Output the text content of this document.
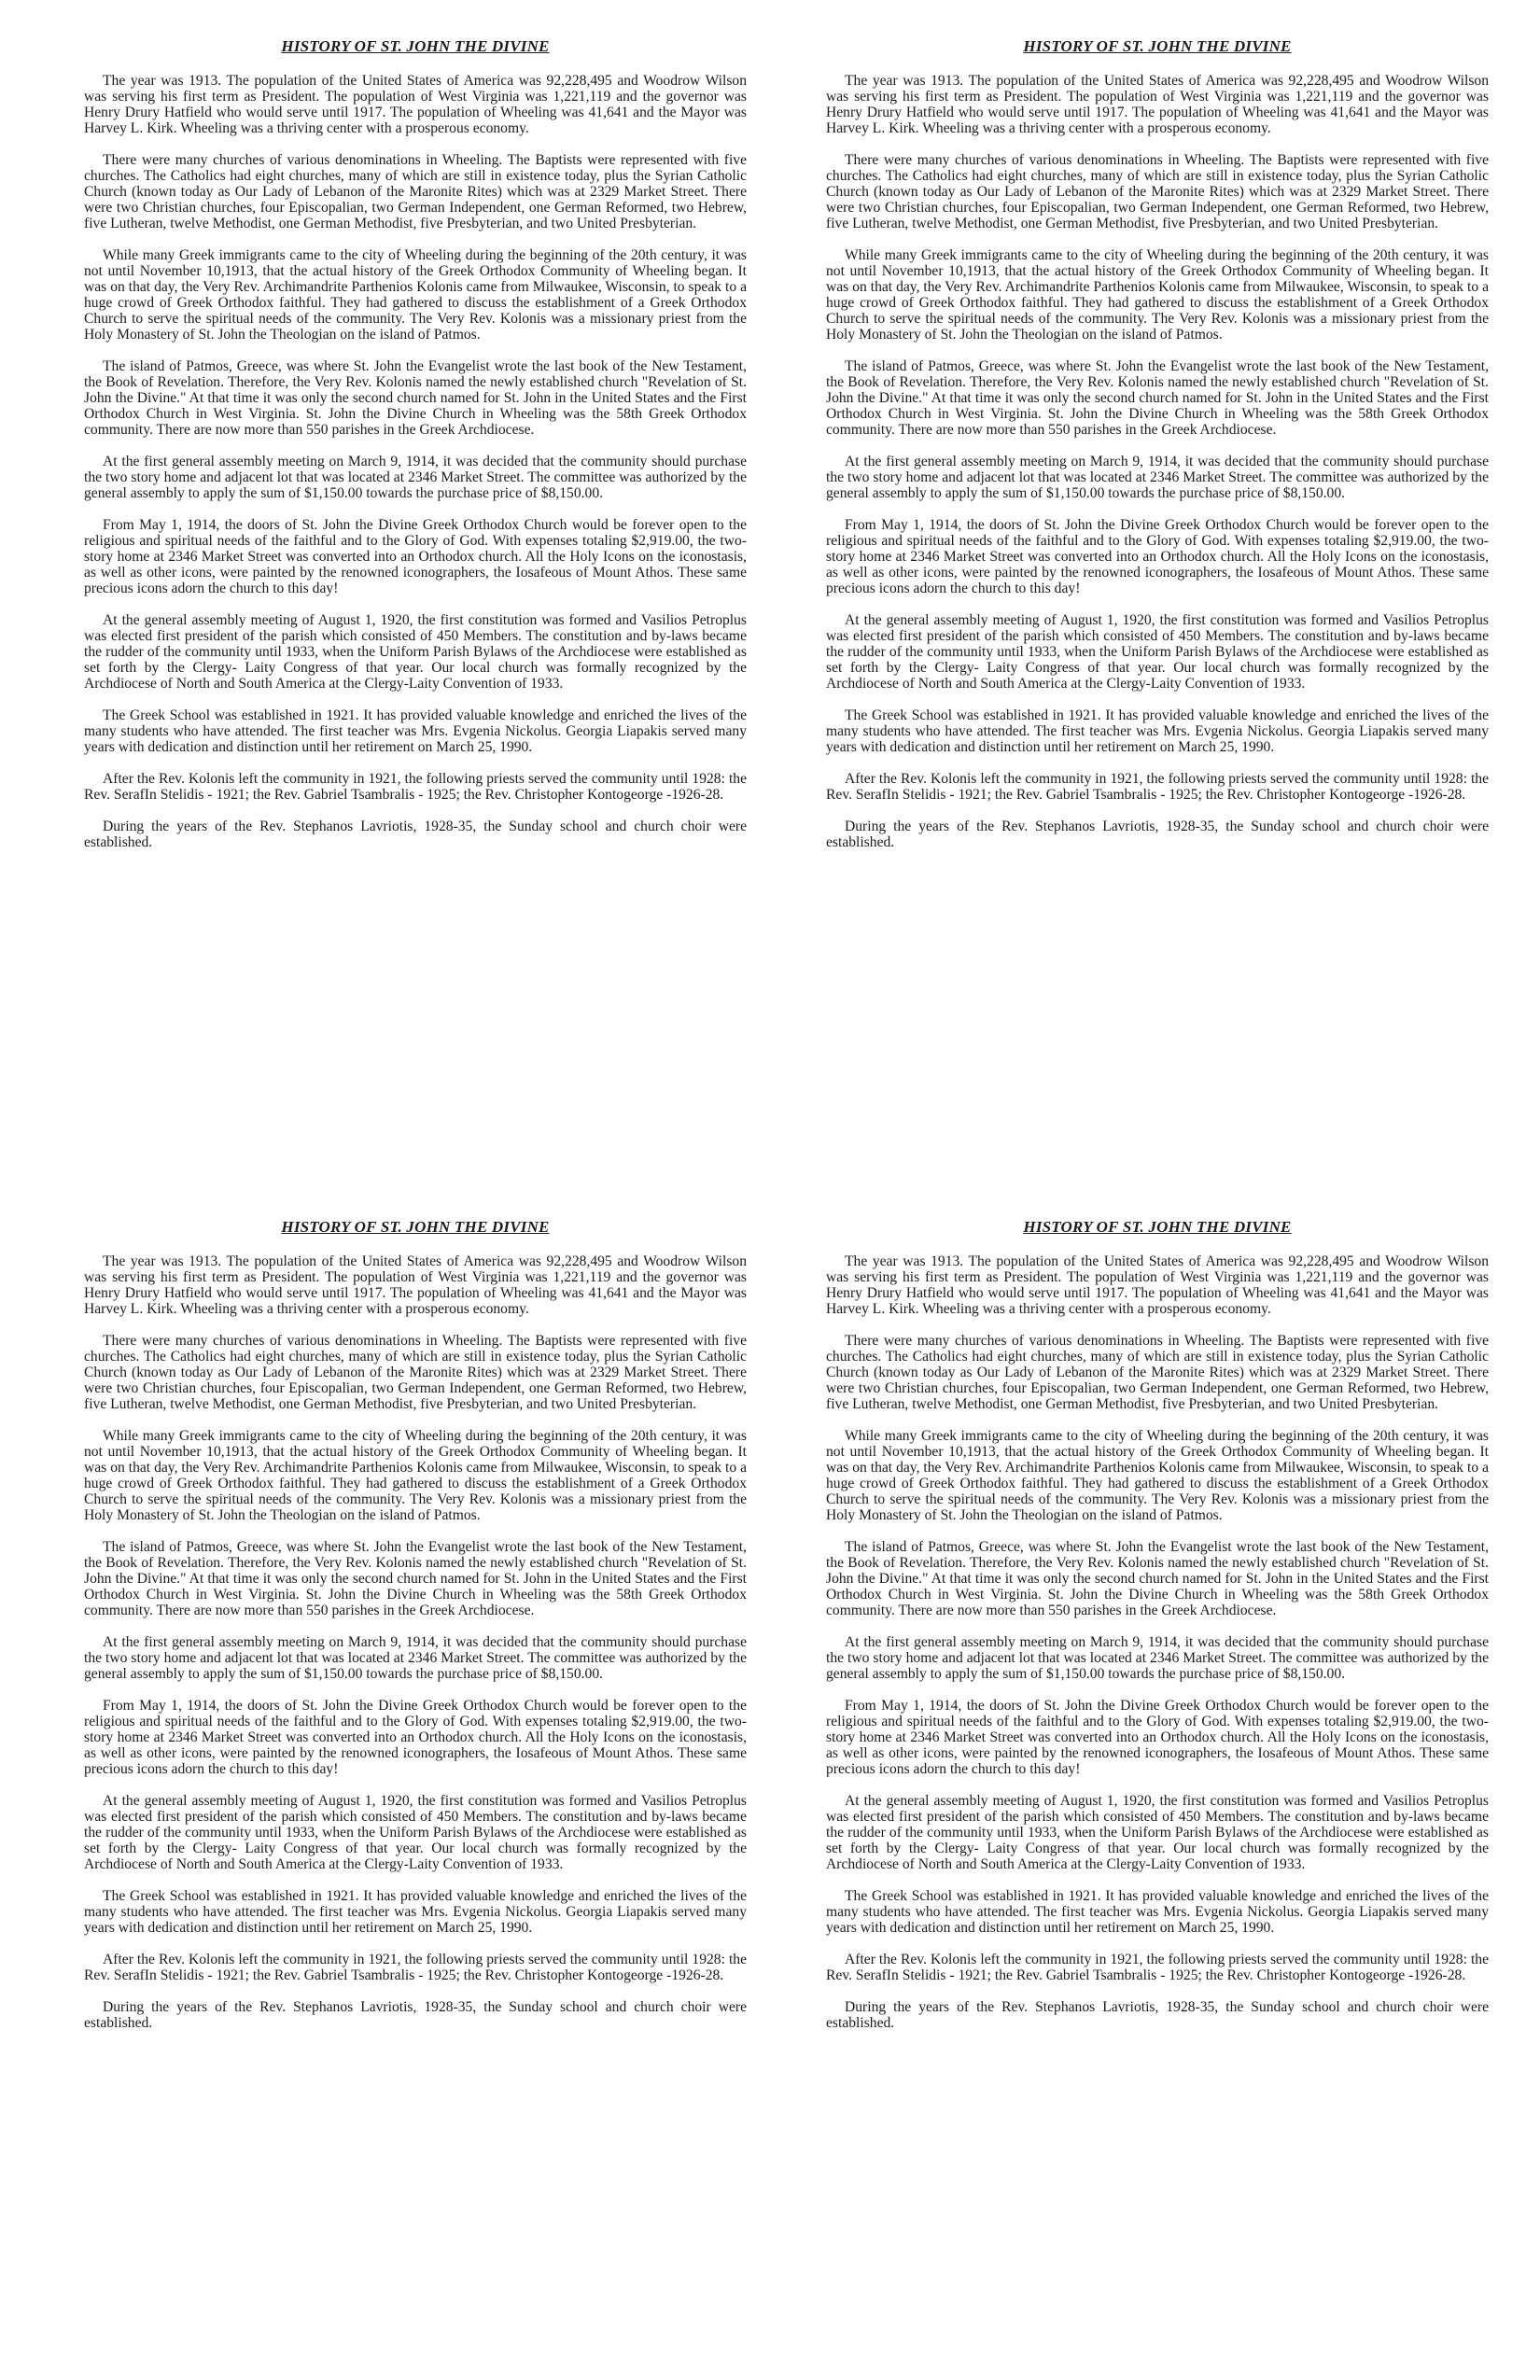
HISTORY OF ST. JOHN THE DIVINE

The year was 1913. The population of the United States of America was 92,228,495 and Woodrow Wilson was serving his first term as President. The population of West Virginia was 1,221,119 and the governor was Henry Drury Hatfield who would serve until 1917. The population of Wheeling was 41,641 and the Mayor was Harvey L. Kirk. Wheeling was a thriving center with a prosperous economy.

There were many churches of various denominations in Wheeling. The Baptists were represented with five churches. The Catholics had eight churches, many of which are still in existence today, plus the Syrian Catholic Church (known today as Our Lady of Lebanon of the Maronite Rites) which was at 2329 Market Street. There were two Christian churches, four Episcopalian, two German Independent, one German Reformed, two Hebrew, five Lutheran, twelve Methodist, one German Methodist, five Presbyterian, and two United Presbyterian.

While many Greek immigrants came to the city of Wheeling during the beginning of the 20th century, it was not until November 10,1913, that the actual history of the Greek Orthodox Community of Wheeling began. It was on that day, the Very Rev. Archimandrite Parthenios Kolonis came from Milwaukee, Wisconsin, to speak to a huge crowd of Greek Orthodox faithful. They had gathered to discuss the establishment of a Greek Orthodox Church to serve the spiritual needs of the community. The Very Rev. Kolonis was a missionary priest from the Holy Monastery of St. John the Theologian on the island of Patmos.

The island of Patmos, Greece, was where St. John the Evangelist wrote the last book of the New Testament, the Book of Revelation. Therefore, the Very Rev. Kolonis named the newly established church "Revelation of St. John the Divine." At that time it was only the second church named for St. John in the United States and the First Orthodox Church in West Virginia. St. John the Divine Church in Wheeling was the 58th Greek Orthodox community. There are now more than 550 parishes in the Greek Archdiocese.

At the first general assembly meeting on March 9, 1914, it was decided that the community should purchase the two story home and adjacent lot that was located at 2346 Market Street. The committee was authorized by the general assembly to apply the sum of $1,150.00 towards the purchase price of $8,150.00.

From May 1, 1914, the doors of St. John the Divine Greek Orthodox Church would be forever open to the religious and spiritual needs of the faithful and to the Glory of God. With expenses totaling $2,919.00, the two-story home at 2346 Market Street was converted into an Orthodox church. All the Holy Icons on the iconostasis, as well as other icons, were painted by the renowned iconographers, the Iosafeous of Mount Athos. These same precious icons adorn the church to this day!

At the general assembly meeting of August 1, 1920, the first constitution was formed and Vasilios Petroplus was elected first president of the parish which consisted of 450 Members. The constitution and by-laws became the rudder of the community until 1933, when the Uniform Parish Bylaws of the Archdiocese were established as set forth by the Clergy- Laity Congress of that year. Our local church was formally recognized by the Archdiocese of North and South America at the Clergy-Laity Convention of 1933.

The Greek School was established in 1921. It has provided valuable knowledge and enriched the lives of the many students who have attended. The first teacher was Mrs. Evgenia Nickolus. Georgia Liapakis served many years with dedication and distinction until her retirement on March 25, 1990.

After the Rev. Kolonis left the community in 1921, the following priests served the community until 1928: the Rev. SerafIn Stelidis - 1921; the Rev. Gabriel Tsambralis - 1925; the Rev. Christopher Kontogeorge -1926-28.

During the years of the Rev. Stephanos Lavriotis, 1928-35, the Sunday school and church choir were established.

HISTORY OF ST. JOHN THE DIVINE

The year was 1913. The population of the United States of America was 92,228,495 and Woodrow Wilson was serving his first term as President. The population of West Virginia was 1,221,119 and the governor was Henry Drury Hatfield who would serve until 1917. The population of Wheeling was 41,641 and the Mayor was Harvey L. Kirk. Wheeling was a thriving center with a prosperous economy.

There were many churches of various denominations in Wheeling. The Baptists were represented with five churches. The Catholics had eight churches, many of which are still in existence today, plus the Syrian Catholic Church (known today as Our Lady of Lebanon of the Maronite Rites) which was at 2329 Market Street. There were two Christian churches, four Episcopalian, two German Independent, one German Reformed, two Hebrew, five Lutheran, twelve Methodist, one German Methodist, five Presbyterian, and two United Presbyterian.

While many Greek immigrants came to the city of Wheeling during the beginning of the 20th century, it was not until November 10,1913, that the actual history of the Greek Orthodox Community of Wheeling began. It was on that day, the Very Rev. Archimandrite Parthenios Kolonis came from Milwaukee, Wisconsin, to speak to a huge crowd of Greek Orthodox faithful. They had gathered to discuss the establishment of a Greek Orthodox Church to serve the spiritual needs of the community. The Very Rev. Kolonis was a missionary priest from the Holy Monastery of St. John the Theologian on the island of Patmos.

The island of Patmos, Greece, was where St. John the Evangelist wrote the last book of the New Testament, the Book of Revelation. Therefore, the Very Rev. Kolonis named the newly established church "Revelation of St. John the Divine." At that time it was only the second church named for St. John in the United States and the First Orthodox Church in West Virginia. St. John the Divine Church in Wheeling was the 58th Greek Orthodox community. There are now more than 550 parishes in the Greek Archdiocese.

At the first general assembly meeting on March 9, 1914, it was decided that the community should purchase the two story home and adjacent lot that was located at 2346 Market Street. The committee was authorized by the general assembly to apply the sum of $1,150.00 towards the purchase price of $8,150.00.

From May 1, 1914, the doors of St. John the Divine Greek Orthodox Church would be forever open to the religious and spiritual needs of the faithful and to the Glory of God. With expenses totaling $2,919.00, the two-story home at 2346 Market Street was converted into an Orthodox church. All the Holy Icons on the iconostasis, as well as other icons, were painted by the renowned iconographers, the Iosafeous of Mount Athos. These same precious icons adorn the church to this day!

At the general assembly meeting of August 1, 1920, the first constitution was formed and Vasilios Petroplus was elected first president of the parish which consisted of 450 Members. The constitution and by-laws became the rudder of the community until 1933, when the Uniform Parish Bylaws of the Archdiocese were established as set forth by the Clergy- Laity Congress of that year. Our local church was formally recognized by the Archdiocese of North and South America at the Clergy-Laity Convention of 1933.

The Greek School was established in 1921. It has provided valuable knowledge and enriched the lives of the many students who have attended. The first teacher was Mrs. Evgenia Nickolus. Georgia Liapakis served many years with dedication and distinction until her retirement on March 25, 1990.

After the Rev. Kolonis left the community in 1921, the following priests served the community until 1928: the Rev. SerafIn Stelidis - 1921; the Rev. Gabriel Tsambralis - 1925; the Rev. Christopher Kontogeorge -1926-28.

During the years of the Rev. Stephanos Lavriotis, 1928-35, the Sunday school and church choir were established.

HISTORY OF ST. JOHN THE DIVINE

The year was 1913. The population of the United States of America was 92,228,495 and Woodrow Wilson was serving his first term as President. The population of West Virginia was 1,221,119 and the governor was Henry Drury Hatfield who would serve until 1917. The population of Wheeling was 41,641 and the Mayor was Harvey L. Kirk. Wheeling was a thriving center with a prosperous economy.

There were many churches of various denominations in Wheeling. The Baptists were represented with five churches. The Catholics had eight churches, many of which are still in existence today, plus the Syrian Catholic Church (known today as Our Lady of Lebanon of the Maronite Rites) which was at 2329 Market Street. There were two Christian churches, four Episcopalian, two German Independent, one German Reformed, two Hebrew, five Lutheran, twelve Methodist, one German Methodist, five Presbyterian, and two United Presbyterian.

While many Greek immigrants came to the city of Wheeling during the beginning of the 20th century, it was not until November 10,1913, that the actual history of the Greek Orthodox Community of Wheeling began. It was on that day, the Very Rev. Archimandrite Parthenios Kolonis came from Milwaukee, Wisconsin, to speak to a huge crowd of Greek Orthodox faithful. They had gathered to discuss the establishment of a Greek Orthodox Church to serve the spiritual needs of the community. The Very Rev. Kolonis was a missionary priest from the Holy Monastery of St. John the Theologian on the island of Patmos.

The island of Patmos, Greece, was where St. John the Evangelist wrote the last book of the New Testament, the Book of Revelation. Therefore, the Very Rev. Kolonis named the newly established church "Revelation of St. John the Divine." At that time it was only the second church named for St. John in the United States and the First Orthodox Church in West Virginia. St. John the Divine Church in Wheeling was the 58th Greek Orthodox community. There are now more than 550 parishes in the Greek Archdiocese.

At the first general assembly meeting on March 9, 1914, it was decided that the community should purchase the two story home and adjacent lot that was located at 2346 Market Street. The committee was authorized by the general assembly to apply the sum of $1,150.00 towards the purchase price of $8,150.00.

From May 1, 1914, the doors of St. John the Divine Greek Orthodox Church would be forever open to the religious and spiritual needs of the faithful and to the Glory of God. With expenses totaling $2,919.00, the two-story home at 2346 Market Street was converted into an Orthodox church. All the Holy Icons on the iconostasis, as well as other icons, were painted by the renowned iconographers, the Iosafeous of Mount Athos. These same precious icons adorn the church to this day!

At the general assembly meeting of August 1, 1920, the first constitution was formed and Vasilios Petroplus was elected first president of the parish which consisted of 450 Members. The constitution and by-laws became the rudder of the community until 1933, when the Uniform Parish Bylaws of the Archdiocese were established as set forth by the Clergy- Laity Congress of that year. Our local church was formally recognized by the Archdiocese of North and South America at the Clergy-Laity Convention of 1933.

The Greek School was established in 1921. It has provided valuable knowledge and enriched the lives of the many students who have attended. The first teacher was Mrs. Evgenia Nickolus. Georgia Liapakis served many years with dedication and distinction until her retirement on March 25, 1990.

After the Rev. Kolonis left the community in 1921, the following priests served the community until 1928: the Rev. SerafIn Stelidis - 1921; the Rev. Gabriel Tsambralis - 1925; the Rev. Christopher Kontogeorge -1926-28.

During the years of the Rev. Stephanos Lavriotis, 1928-35, the Sunday school and church choir were established.

HISTORY OF ST. JOHN THE DIVINE

The year was 1913. The population of the United States of America was 92,228,495 and Woodrow Wilson was serving his first term as President. The population of West Virginia was 1,221,119 and the governor was Henry Drury Hatfield who would serve until 1917. The population of Wheeling was 41,641 and the Mayor was Harvey L. Kirk. Wheeling was a thriving center with a prosperous economy.

There were many churches of various denominations in Wheeling. The Baptists were represented with five churches. The Catholics had eight churches, many of which are still in existence today, plus the Syrian Catholic Church (known today as Our Lady of Lebanon of the Maronite Rites) which was at 2329 Market Street. There were two Christian churches, four Episcopalian, two German Independent, one German Reformed, two Hebrew, five Lutheran, twelve Methodist, one German Methodist, five Presbyterian, and two United Presbyterian.

While many Greek immigrants came to the city of Wheeling during the beginning of the 20th century, it was not until November 10,1913, that the actual history of the Greek Orthodox Community of Wheeling began. It was on that day, the Very Rev. Archimandrite Parthenios Kolonis came from Milwaukee, Wisconsin, to speak to a huge crowd of Greek Orthodox faithful. They had gathered to discuss the establishment of a Greek Orthodox Church to serve the spiritual needs of the community. The Very Rev. Kolonis was a missionary priest from the Holy Monastery of St. John the Theologian on the island of Patmos.

The island of Patmos, Greece, was where St. John the Evangelist wrote the last book of the New Testament, the Book of Revelation. Therefore, the Very Rev. Kolonis named the newly established church "Revelation of St. John the Divine." At that time it was only the second church named for St. John in the United States and the First Orthodox Church in West Virginia. St. John the Divine Church in Wheeling was the 58th Greek Orthodox community. There are now more than 550 parishes in the Greek Archdiocese.

At the first general assembly meeting on March 9, 1914, it was decided that the community should purchase the two story home and adjacent lot that was located at 2346 Market Street. The committee was authorized by the general assembly to apply the sum of $1,150.00 towards the purchase price of $8,150.00.

From May 1, 1914, the doors of St. John the Divine Greek Orthodox Church would be forever open to the religious and spiritual needs of the faithful and to the Glory of God. With expenses totaling $2,919.00, the two-story home at 2346 Market Street was converted into an Orthodox church. All the Holy Icons on the iconostasis, as well as other icons, were painted by the renowned iconographers, the Iosafeous of Mount Athos. These same precious icons adorn the church to this day!

At the general assembly meeting of August 1, 1920, the first constitution was formed and Vasilios Petroplus was elected first president of the parish which consisted of 450 Members. The constitution and by-laws became the rudder of the community until 1933, when the Uniform Parish Bylaws of the Archdiocese were established as set forth by the Clergy- Laity Congress of that year. Our local church was formally recognized by the Archdiocese of North and South America at the Clergy-Laity Convention of 1933.

The Greek School was established in 1921. It has provided valuable knowledge and enriched the lives of the many students who have attended. The first teacher was Mrs. Evgenia Nickolus. Georgia Liapakis served many years with dedication and distinction until her retirement on March 25, 1990.

After the Rev. Kolonis left the community in 1921, the following priests served the community until 1928: the Rev. SerafIn Stelidis - 1921; the Rev. Gabriel Tsambralis - 1925; the Rev. Christopher Kontogeorge -1926-28.

During the years of the Rev. Stephanos Lavriotis, 1928-35, the Sunday school and church choir were established.
